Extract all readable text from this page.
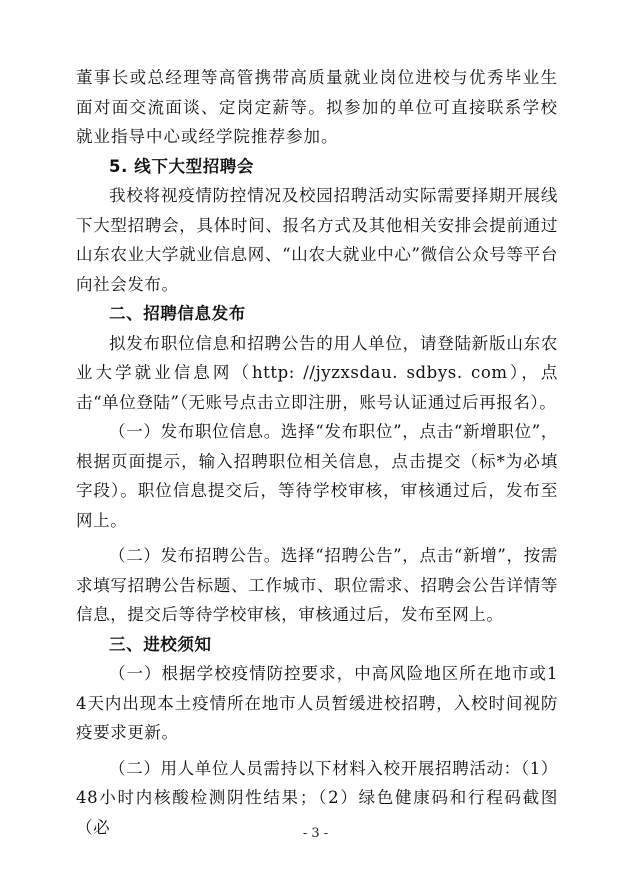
董事长或总经理等高管携带高质量就业岗位进校与优秀毕业生面对面交流面谈、定岗定薪等。拟参加的单位可直接联系学校就业指导中心或经学院推荐参加。

5. 线下大型招聘会

我校将视疫情防控情况及校园招聘活动实际需要择期开展线下大型招聘会，具体时间、报名方式及其他相关安排会提前通过山东农业大学就业信息网、“山农大就业中心”微信公众号等平台向社会发布。

二、招聘信息发布

拟发布职位信息和招聘公告的用人单位，请登陆新版山东农业大学就业信息网（http: //jyzxsdau. sdbys. com），点击“单位登陆”（无账号点击立即注册，账号认证通过后再报名）。

（一）发布职位信息。选择“发布职位”，点击“新增职位”，根据页面提示，输入招聘职位相关信息，点击提交（标*为必填字段）。职位信息提交后，等待学校审核，审核通过后，发布至网上。

（二）发布招聘公告。选择“招聘公告”，点击“新增”，按需求填写招聘公告标题、工作城市、职位需求、招聘会公告详情等信息，提交后等待学校审核，审核通过后，发布至网上。

三、进校须知

（一）根据学校疫情防控要求，中高风险地区所在地市或14天内出现本土疫情所在地市人员暂缓进校招聘，入校时间视防疫要求更新。

（二）用人单位人员需持以下材料入校开展招聘活动：（1）48小时内核酸检测阴性结果；（2）绿色健康码和行程码截图（必	- 3 -
